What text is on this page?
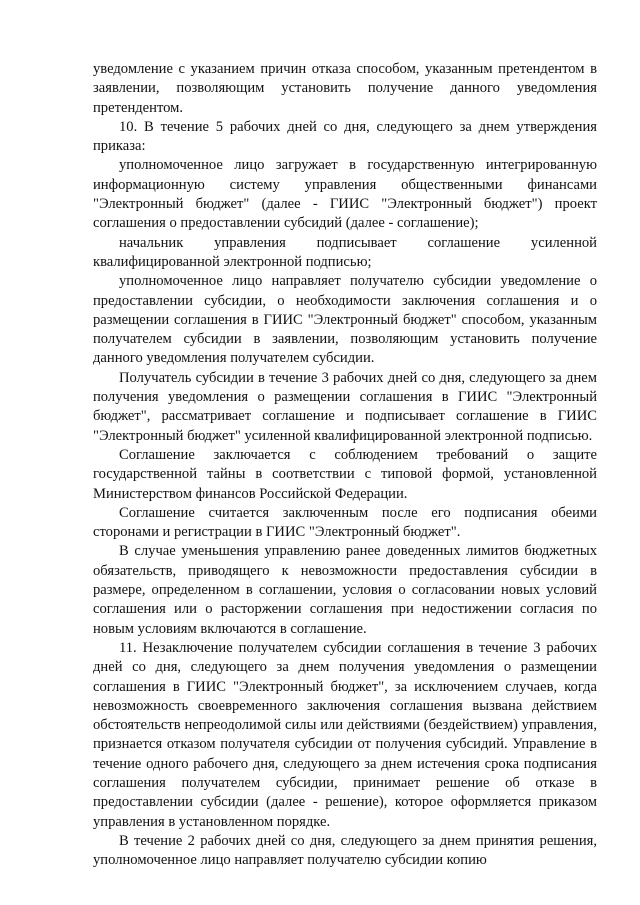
уведомление с указанием причин отказа способом, указанным претендентом в заявлении, позволяющим установить получение данного уведомления претендентом.

10. В течение 5 рабочих дней со дня, следующего за днем утверждения приказа:

уполномоченное лицо загружает в государственную интегрированную информационную систему управления общественными финансами "Электронный бюджет" (далее - ГИИС "Электронный бюджет") проект соглашения о предоставлении субсидий (далее - соглашение);

начальник управления подписывает соглашение усиленной квалифицированной электронной подписью;

уполномоченное лицо направляет получателю субсидии уведомление о предоставлении субсидии, о необходимости заключения соглашения и о размещении соглашения в ГИИС "Электронный бюджет" способом, указанным получателем субсидии в заявлении, позволяющим установить получение данного уведомления получателем субсидии.

Получатель субсидии в течение 3 рабочих дней со дня, следующего за днем получения уведомления о размещении соглашения в ГИИС "Электронный бюджет", рассматривает соглашение и подписывает соглашение в ГИИС "Электронный бюджет" усиленной квалифицированной электронной подписью.

Соглашение заключается с соблюдением требований о защите государственной тайны в соответствии с типовой формой, установленной Министерством финансов Российской Федерации.

Соглашение считается заключенным после его подписания обеими сторонами и регистрации в ГИИС "Электронный бюджет".

В случае уменьшения управлению ранее доведенных лимитов бюджетных обязательств, приводящего к невозможности предоставления субсидии в размере, определенном в соглашении, условия о согласовании новых условий соглашения или о расторжении соглашения при недостижении согласия по новым условиям включаются в соглашение.

11. Незаключение получателем субсидии соглашения в течение 3 рабочих дней со дня, следующего за днем получения уведомления о размещении соглашения в ГИИС "Электронный бюджет", за исключением случаев, когда невозможность своевременного заключения соглашения вызвана действием обстоятельств непреодолимой силы или действиями (бездействием) управления, признается отказом получателя субсидии от получения субсидий. Управление в течение одного рабочего дня, следующего за днем истечения срока подписания соглашения получателем субсидии, принимает решение об отказе в предоставлении субсидии (далее - решение), которое оформляется приказом управления в установленном порядке.

В течение 2 рабочих дней со дня, следующего за днем принятия решения, уполномоченное лицо направляет получателю субсидии копию
